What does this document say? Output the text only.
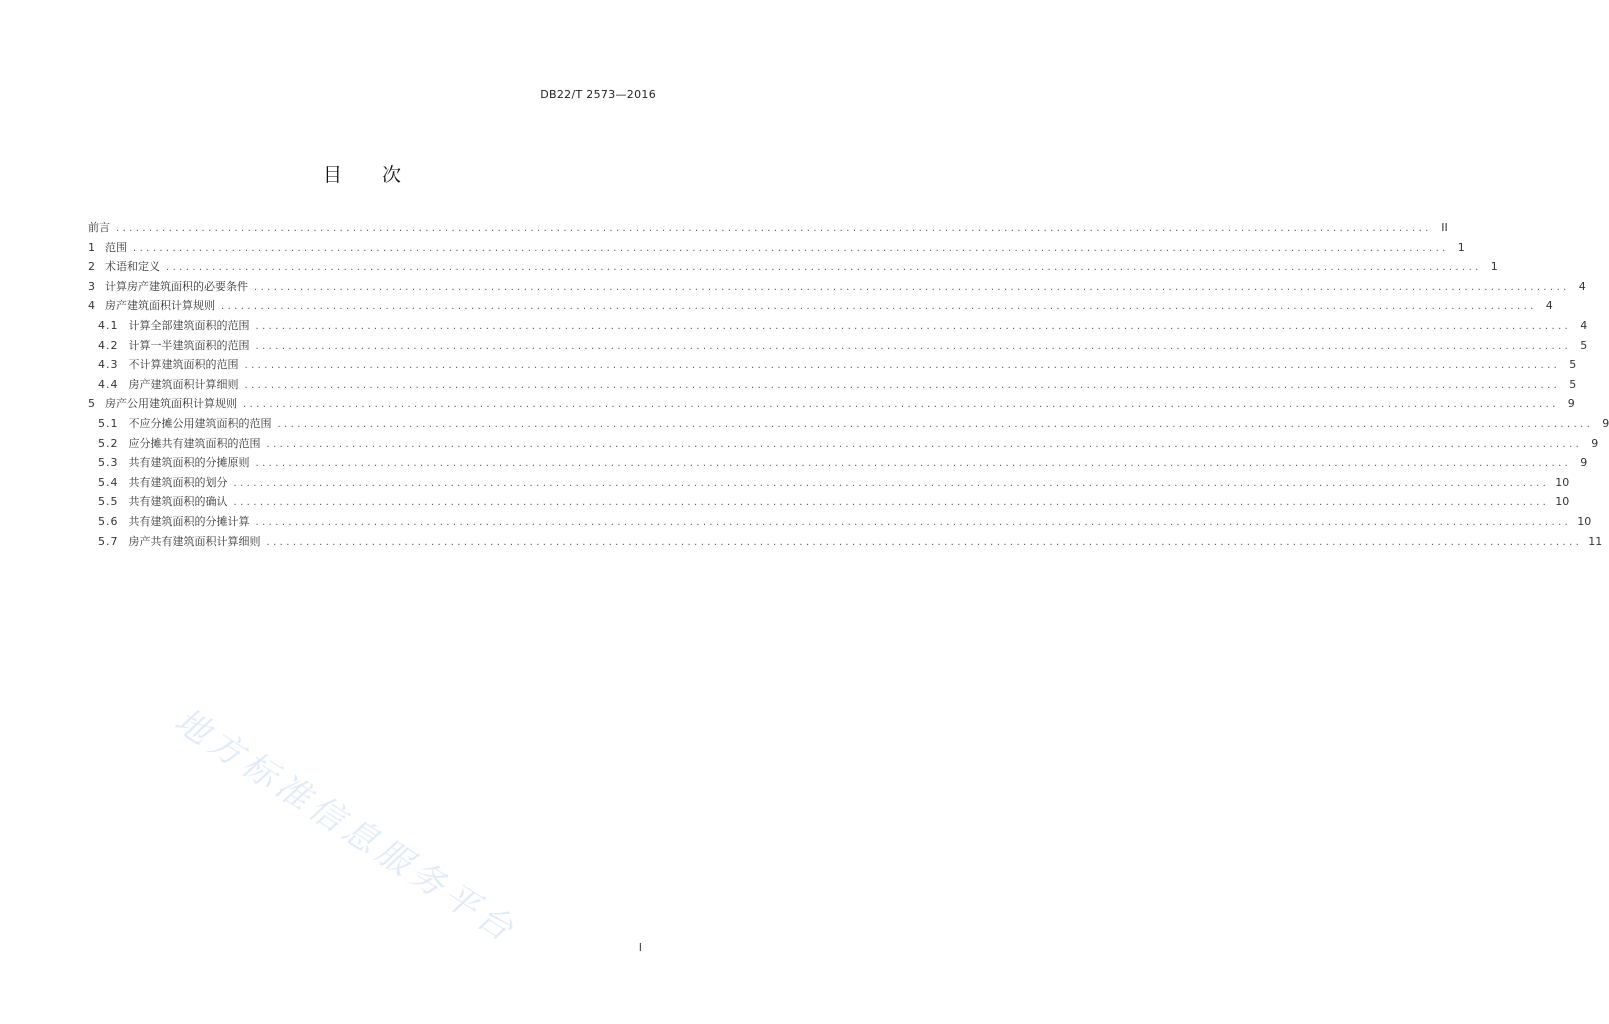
DB22/T 2573—2016
目 次
前言 ........................................................................................................................................................................................................ II
1 范围 ........................................................................................................................................................................................................ 1
2 术语和定义 ........................................................................................................................................................................................................ 1
3 计算房产建筑面积的必要条件 ........................................................................................................................................................................................................ 4
4 房产建筑面积计算规则 ........................................................................................................................................................................................................ 4
4.1 计算全部建筑面积的范围 ........................................................................................................................................................................................................ 4
4.2 计算一半建筑面积的范围 ........................................................................................................................................................................................................ 5
4.3 不计算建筑面积的范围 ........................................................................................................................................................................................................ 5
4.4 房产建筑面积计算细则 ........................................................................................................................................................................................................ 5
5 房产公用建筑面积计算规则 ........................................................................................................................................................................................................ 9
5.1 不应分摊公用建筑面积的范围 ........................................................................................................................................................................................................ 9
5.2 应分摊共有建筑面积的范围 ........................................................................................................................................................................................................ 9
5.3 共有建筑面积的分摊原则 ........................................................................................................................................................................................................ 9
5.4 共有建筑面积的划分 ........................................................................................................................................................................................................ 10
5.5 共有建筑面积的确认 ........................................................................................................................................................................................................ 10
5.6 共有建筑面积的分摊计算 ........................................................................................................................................................................................................ 10
5.7 房产共有建筑面积计算细则 ........................................................................................................................................................................................................ 11
地方标准信息服务平台	I
